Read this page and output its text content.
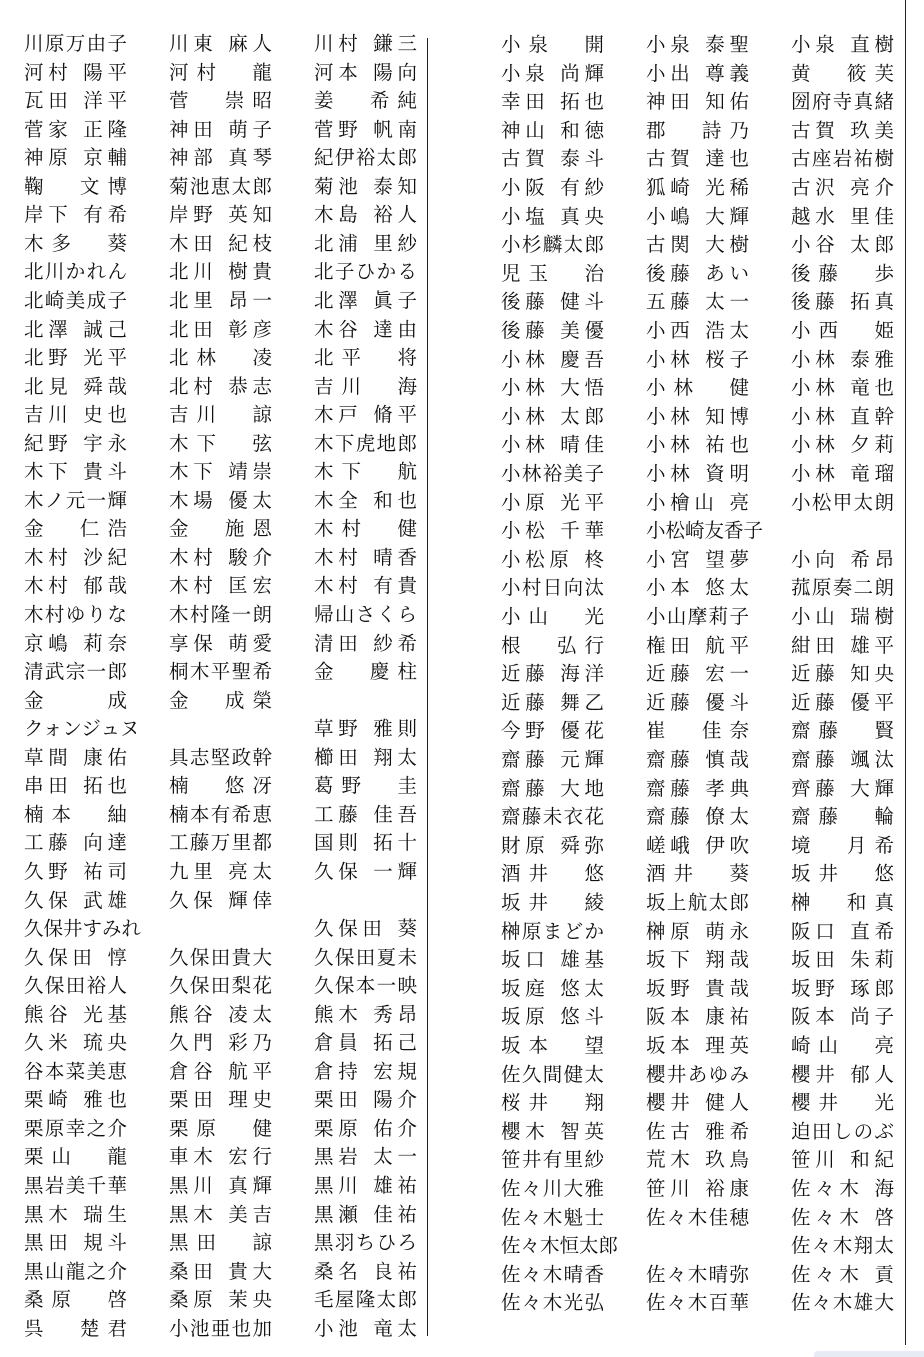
川 原 万 由 子
河 村 陽 平
瓦 田 洋 平
菅 家 正 隆
神 原 京 輔
鞠 文 博
岸 下 有 希
木 多 葵
北 川 か れ ん
北 崎 美 成 子
北 澤 誠 己
北 野 光 平
北 見 舜 哉
吉 川 史 也
紀 野 宇 永
木 下 貴 斗
木 ノ 元 一 輝
金 仁 浩
木 村 沙 紀
木 村 郁 哉
木 村 ゆ り な
京 嶋 莉 奈
清 武 宗 一 郎
金	成
クォンジュヌ
草 間 康 佑
串 田 拓 也
楠 本 紬
工 藤 向 達
久 野 祐 司
久 保 武 雄
久保井すみれ
久 保 田 惇
久 保 田 裕 人
熊 谷 光 基
久 米 琉 央
谷 本 菜 美 恵
栗 崎 雅 也
栗 原 幸 之 介
栗 山 龍
黒 岩 美 千 華
黒 木 瑞 生
黒 田 規 斗
黒 山 龍 之 介
桑 原 啓
呉 楚 君
川 東 麻 人
河 村 龍
菅 崇 昭
神 田 萌 子
神 部 真 琴
菊 池 恵 太 郎
岸 野 英 知
木 田 紀 枝
北 川 樹 貴
北 里 昂 一
北 田 彰 彦
北 林 凌
北 村 恭 志
吉 川 諒
木 下 弦
木 下 靖 崇
木 場 優 太
金 施 恩
木 村 駿 介
木 村 匡 宏
木 村 隆 一 朗
享 保 萌 愛
桐 木 平 聖 希
金 成 榮
具 志 堅 政 幹
楠 悠 冴
楠 本 有 希 恵
工 藤 万 里 都
九 里 亮 太
久 保 輝 倖
久 保 田 貴 大
久 保 田 梨 花
熊 谷 凌 太
久 門 彩 乃
倉 谷 航 平
栗 田 理 史
栗 原 健
車 木 宏 行
黒 川 真 輝
黒 木 美 吉
黒 田 諒
桑 田 貴 大
桑 原 茉 央
小 池 亜 也 加
川 村 鎌 三
河 本 陽 向
姜 希 純
菅 野 帆 南
紀 伊 裕 太 郎
菊 池 泰 知
木 島 裕 人
北 浦 里 紗
北 子 ひ か る
北 澤 眞 子
木 谷 達 由
北 平 将
吉 川 海
木 戸 脩 平
木 下 虎 地 郎
木 下 航
木 全 和 也
木 村 健
木 村 晴 香
木 村 有 貴
帰 山 さ く ら
清 田 紗 希
金 慶 柱
草 野 雅 則
櫛 田 翔 太
葛 野 圭
工 藤 佳 吾
国 則 拓 十
久 保 一 輝
久 保 田 葵
久 保 田 夏 未
久 保 本 一 映
熊 木 秀 昂
倉 員 拓 己
倉 持 宏 規
栗 田 陽 介
栗 原 佑 介
黒 岩 太 一
黒 川 雄 祐
黒 瀬 佳 祐
黒 羽 ち ひ ろ
桑 名 良 祐
毛 屋 隆 太 郎
小 池 竜 太
小 泉 開
小 泉 尚 輝
幸 田 拓 也
神 山 和 徳
古 賀 泰 斗
小 阪 有 紗
小 塩 真 央
小 杉 麟 太 郎
児 玉 治
後 藤 健 斗
後 藤 美 優
小 林 慶 吾
小 林 大 悟
小 林 太 郎
小 林 晴 佳
小 林 裕 美 子
小 原 光 平
小 松 千 華
小 松 原 柊
小 村 日 向 汰
小 山 光
根 弘 行
近 藤 海 洋
近 藤 舞 乙
今 野 優 花
齋 藤 元 輝
齋 藤 大 地
齋 藤 未 衣 花
財 原 舜 弥
酒 井 悠
坂 井 綾
榊 原 ま ど か
坂 口 雄 基
坂 庭 悠 太
坂 原 悠 斗
坂 本 望
佐 久 間 健 太
桜 井 翔
櫻 木 智 英
笹 井 有 里 紗
佐 々 川 大 雅
佐 々 木 魁 士
佐々木恒太郎
佐 々 木 晴 香
佐 々 木 光 弘
小 泉 泰 聖
小 出 尊 義
神 田 知 佑
郡 詩 乃
古 賀 達 也
狐 崎 光 稀
小 嶋 大 輝
古 関 大 樹
後 藤 あ い
五 藤 太 一
小 西 浩 太
小 林 桜 子
小 林 健
小 林 知 博
小 林 祐 也
小 林 資 明
小 檜 山 亮
小松崎友香子
小 宮 望 夢
小 本 悠 太
小 山 摩 莉 子
権 田 航 平
近 藤 宏 一
近 藤 優 斗
崔 佳 奈
齋 藤 慎 哉
齋 藤 孝 典
齋 藤 僚 太
嵯 峨 伊 吹
酒 井 葵
坂 上 航 太 郎
榊 原 萌 永
坂 下 翔 哉
坂 野 貴 哉
阪 本 康 祐
坂 本 理 英
櫻 井 あ ゆ み
櫻 井 健 人
佐 古 雅 希
荒 木 玖 鳥
笹 川 裕 康
佐 々 木 佳 穂
佐 々 木 晴 弥
佐 々 木 百 華
小 泉 直 樹
黄 筱 芙
圀 府 寺 真 緒
古 賀 玖 美
古 座 岩 祐 樹
古 沢 亮 介
越 水 里 佳
小 谷 太 郎
後 藤 歩
後 藤 拓 真
小 西 姫
小 林 泰 雅
小 林 竜 也
小 林 直 幹
小 林 夕 莉
小 林 竜 瑠
小 松 甲 太 朗
小 向 希 昂
菰 原 奏 二 朗
小 山 瑞 樹
紺 田 雄 平
近 藤 知 央
近 藤 優 平
齋 藤 賢
齋 藤 颯 汰
齊 藤 大 輝
齋 藤 輪
境 月 希
坂 井 悠
榊 和 真
阪 口 直 希
坂 田 朱 莉
坂 野 琢 郎
阪 本 尚 子
崎 山 亮
櫻 井 郁 人
櫻 井 光
迫 田 し の ぶ
笹 川 和 紀
佐 々 木 海
佐 々 木 啓
佐 々 木 翔 太
佐 々 木 貢
佐 々 木 雄 大
